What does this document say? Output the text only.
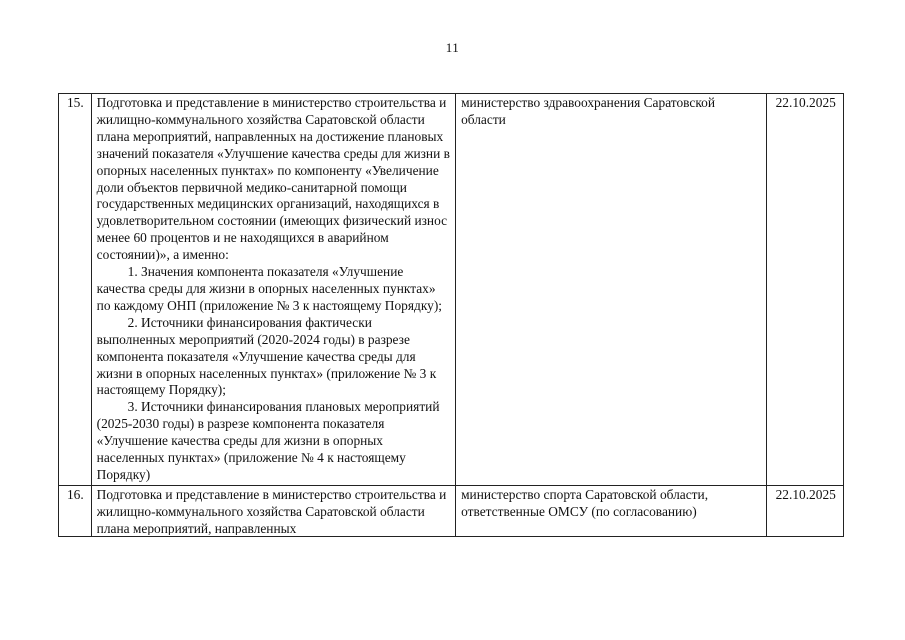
11
15.	Подготовка и представление в министерство строительства и жилищно-коммунального хозяйства Саратовской области плана мероприятий, направленных на достижение плановых значений показателя «Улучшение качества среды для жизни в опорных населенных пунктах» по компоненту «Увеличение доли объектов первичной медико-санитарной помощи государственных медицинских организаций, находящихся в удовлетворительном состоянии (имеющих физический износ менее 60 процентов и не находящихся в аварийном состоянии)», а именно:

1. Значения компонента показателя «Улучшение качества среды для жизни в опорных населенных пунктах» по каждому ОНП (приложение № 3 к настоящему Порядку);

2. Источники финансирования фактически выполненных мероприятий (2020-2024 годы) в разрезе компонента показателя «Улучшение качества среды для жизни в опорных населенных пунктах» (приложение № 3 к настоящему Порядку);

3. Источники финансирования плановых мероприятий (2025-2030 годы) в разрезе компонента показателя «Улучшение качества среды для жизни в опорных населенных пунктах» (приложение № 4 к настоящему Порядку)	министерство здравоохранения Саратовской области	22.10.2025
16.	Подготовка и представление в министерство строительства и жилищно-коммунального хозяйства Саратовской области плана мероприятий, направленных	министерство спорта Саратовской области, ответственные ОМСУ (по согласованию)	22.10.2025
